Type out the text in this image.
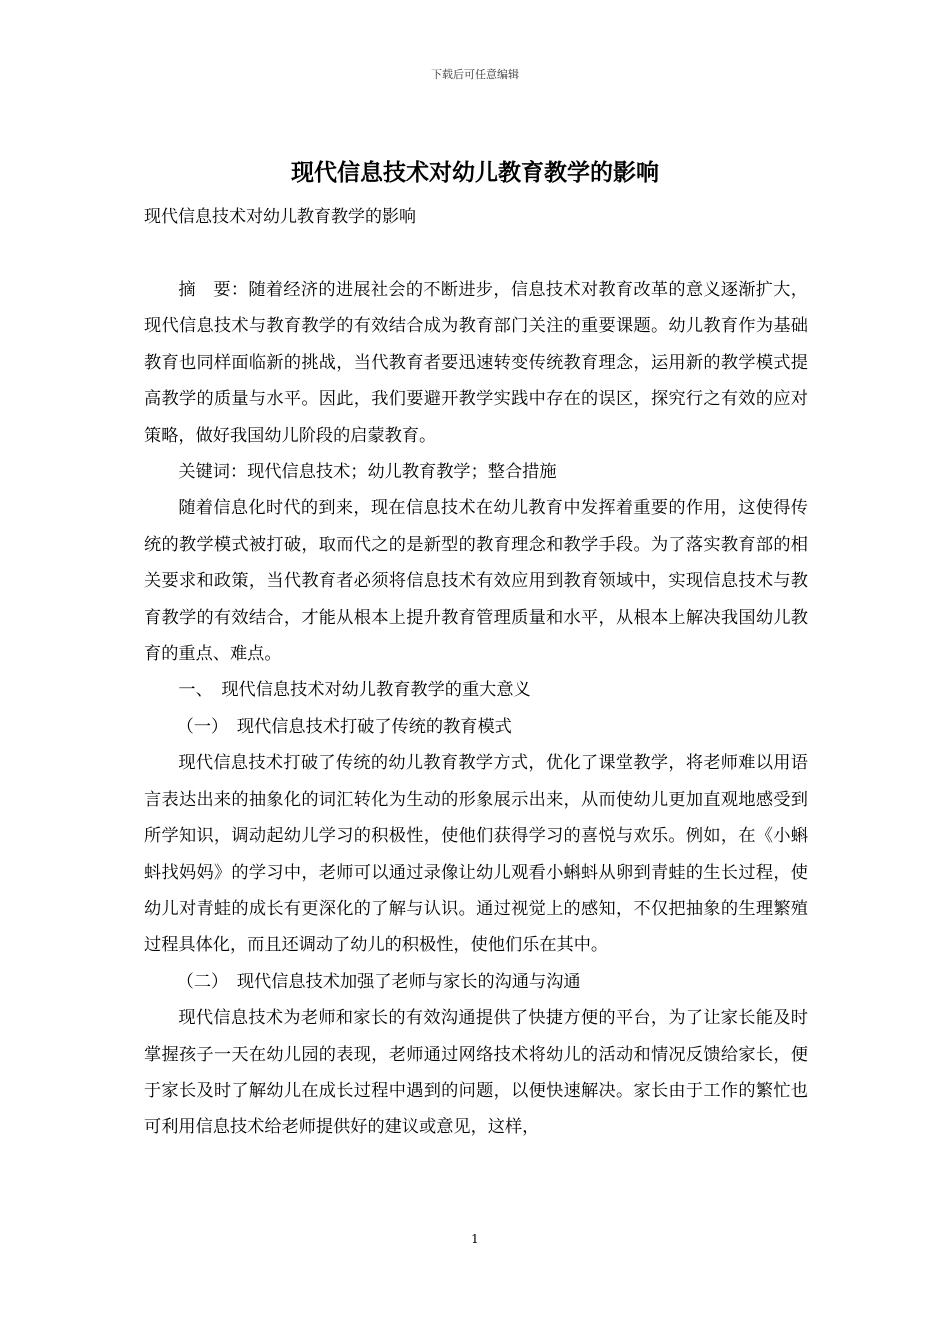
下载后可任意编辑
现代信息技术对幼儿教育教学的影响
现代信息技术对幼儿教育教学的影响

摘　要：随着经济的进展社会的不断进步，信息技术对教育改革的意义逐渐扩大，现代信息技术与教育教学的有效结合成为教育部门关注的重要课题。幼儿教育作为基础教育也同样面临新的挑战，当代教育者要迅速转变传统教育理念，运用新的教学模式提高教学的质量与水平。因此，我们要避开教学实践中存在的误区，探究行之有效的应对策略，做好我国幼儿阶段的启蒙教育。

关键词：现代信息技术；幼儿教育教学；整合措施

随着信息化时代的到来，现在信息技术在幼儿教育中发挥着重要的作用，这使得传统的教学模式被打破，取而代之的是新型的教育理念和教学手段。为了落实教育部的相关要求和政策，当代教育者必须将信息技术有效应用到教育领域中，实现信息技术与教育教学的有效结合，才能从根本上提升教育管理质量和水平，从根本上解决我国幼儿教育的重点、难点。

一、　现代信息技术对幼儿教育教学的重大意义

（一）　现代信息技术打破了传统的教育模式

现代信息技术打破了传统的幼儿教育教学方式，优化了课堂教学，将老师难以用语言表达出来的抽象化的词汇转化为生动的形象展示出来，从而使幼儿更加直观地感受到所学知识，调动起幼儿学习的积极性，使他们获得学习的喜悦与欢乐。例如，在《小蝌蚪找妈妈》的学习中，老师可以通过录像让幼儿观看小蝌蚪从卵到青蛙的生长过程，使幼儿对青蛙的成长有更深化的了解与认识。通过视觉上的感知，不仅把抽象的生理繁殖过程具体化，而且还调动了幼儿的积极性，使他们乐在其中。

（二）　现代信息技术加强了老师与家长的沟通与沟通

现代信息技术为老师和家长的有效沟通提供了快捷方便的平台，为了让家长能及时掌握孩子一天在幼儿园的表现，老师通过网络技术将幼儿的活动和情况反馈给家长，便于家长及时了解幼儿在成长过程中遇到的问题，以便快速解决。家长由于工作的繁忙也可利用信息技术给老师提供好的建议或意见，这样，

1
